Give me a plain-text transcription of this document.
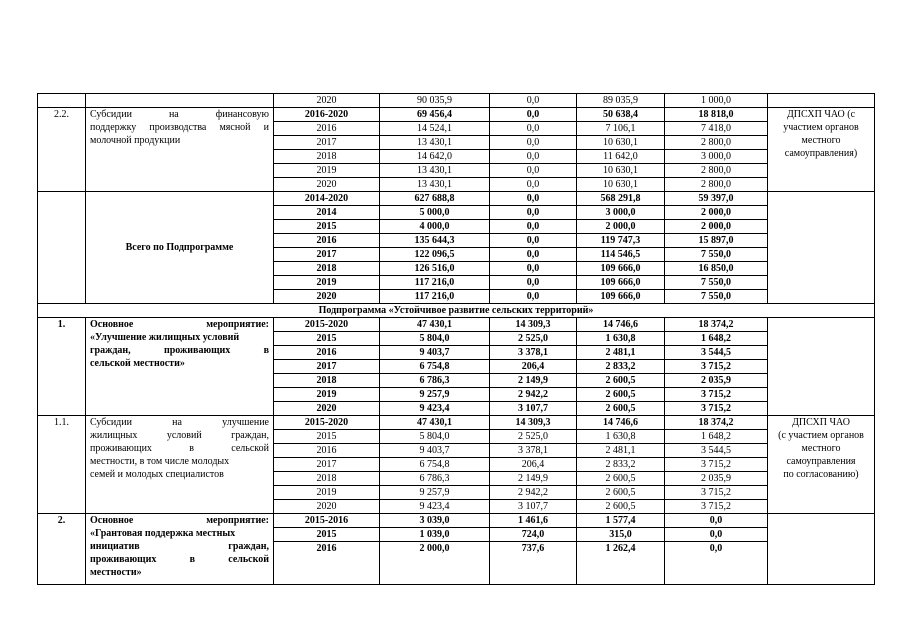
		2020	90 035,9	0,0	89 035,9	1 000,0	
2.2.	Субсидии на финансовую
поддержку производства мясной и
молочной продукции	2016-2020	69 456,4	0,0	50 638,4	18 818,0	ДПСХП ЧАО (с участием органов местного самоуправления)
		2016	14 524,1	0,0	7 106,1	7 418,0	
		2017	13 430,1	0,0	10 630,1	2 800,0	
		2018	14 642,0	0,0	11 642,0	3 000,0	
		2019	13 430,1	0,0	10 630,1	2 800,0	
		2020	13 430,1	0,0	10 630,1	2 800,0	
	Всего по Подпрограмме	2014-2020	627 688,8	0,0	568 291,8	59 397,0	
		2014	5 000,0	0,0	3 000,0	2 000,0	
		2015	4 000,0	0,0	2 000,0	2 000,0	
		2016	135 644,3	0,0	119 747,3	15 897,0	
		2017	122 096,5	0,0	114 546,5	7 550,0	
		2018	126 516,0	0,0	109 666,0	16 850,0	
		2019	117 216,0	0,0	109 666,0	7 550,0	
		2020	117 216,0	0,0	109 666,0	7 550,0	
Подпрограмма «Устойчивое развитие сельских территорий»							
1.	Основное мероприятие:
«Улучшение жилищных условий
граждан, проживающих в
сельской местности»	2015-2020	47 430,1	14 309,3	14 746,6	18 374,2	
		2015	5 804,0	2 525,0	1 630,8	1 648,2	
		2016	9 403,7	3 378,1	2 481,1	3 544,5	
		2017	6 754,8	206,4	2 833,2	3 715,2	
		2018	6 786,3	2 149,9	2 600,5	2 035,9	
		2019	9 257,9	2 942,2	2 600,5	3 715,2	
		2020	9 423,4	3 107,7	2 600,5	3 715,2	
1.1.	Субсидии на улучшение
жилищных условий граждан,
проживающих в сельской
местности, в том числе молодых
семей и молодых специалистов	2015-2020	47 430,1	14 309,3	14 746,6	18 374,2	ДПСХП ЧАО
(с участием органов
местного самоуправления
по согласованию)

		2015	5 804,0	2 525,0	1 630,8	1 648,2	
		2016	9 403,7	3 378,1	2 481,1	3 544,5	
		2017	6 754,8	206,4	2 833,2	3 715,2	
		2018	6 786,3	2 149,9	2 600,5	2 035,9	
		2019	9 257,9	2 942,2	2 600,5	3 715,2	
		2020	9 423,4	3 107,7	2 600,5	3 715,2	
2.	Основное мероприятие:
«Грантовая поддержка местных
инициатив граждан,
проживающих в сельской
местности»	2015-2016	3 039,0	1 461,6	1 577,4	0,0	
		2015	1 039,0	724,0	315,0	0,0	
		2016	2 000,0	737,6	1 262,4	0,0	
